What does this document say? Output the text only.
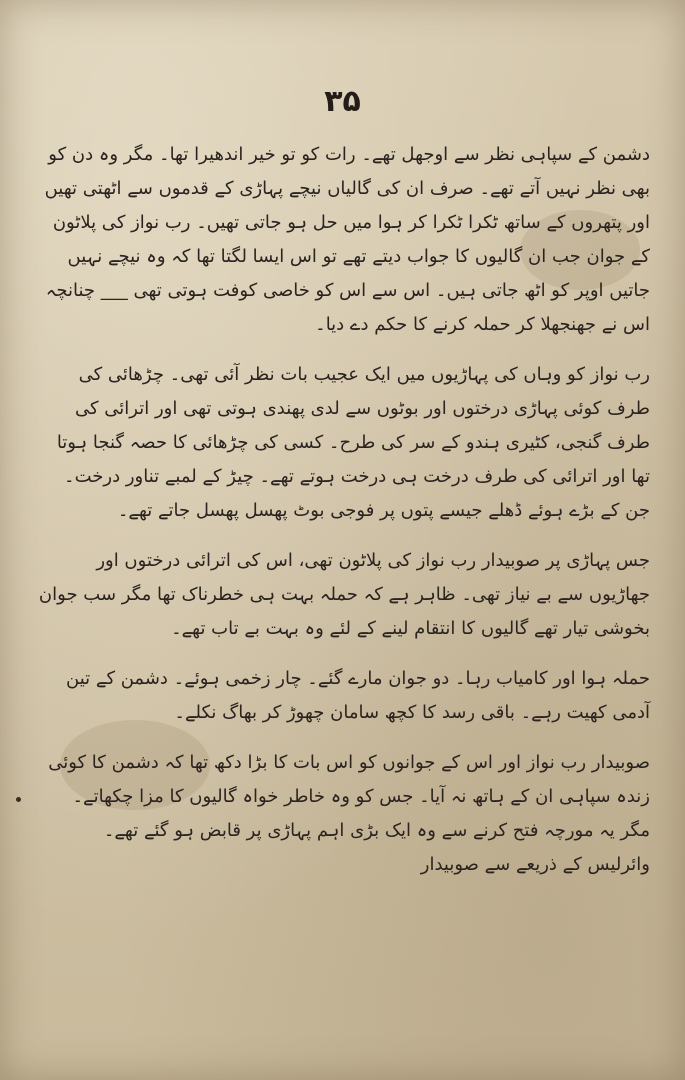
۳۵

دشمن کے سپاہی نظر سے اوجھل تھے۔ رات کو تو خیر اندھیرا تھا۔ مگر وہ دن کو بھی نظر نہیں آتے تھے۔ صرف ان کی گالیاں نیچے پہاڑی کے قدموں سے اٹھتی تھیں اور پتھروں کے ساتھ ٹکرا ٹکرا کر ہوا میں حل ہو جاتی تھیں۔ رب نواز کی پلاٹون کے جوان جب ان گالیوں کا جواب دیتے تھے تو اس ایسا لگتا تھا کہ وہ نیچے نہیں جاتیں اوپر کو اٹھ جاتی ہیں۔ اس سے اس کو خاصی کوفت ہوتی تھی ___ چنانچہ اس نے جھنجھلا کر حملہ کرنے کا حکم دے دیا۔

رب نواز کو وہاں کی پہاڑیوں میں ایک عجیب بات نظر آئی تھی۔ چڑھائی کی طرف کوئی پہاڑی درختوں اور بوٹوں سے لدی پھندی ہوتی تھی اور اترائی کی طرف گنجی، کٹیری ہندو کے سر کی طرح۔ کسی کی چڑھائی کا حصہ گنجا ہوتا تھا اور اترائی کی طرف درخت ہی درخت ہوتے تھے۔ چیڑ کے لمبے تناور درخت۔ جن کے بڑے ہوئے ڈھلے جیسے پتوں پر فوجی بوٹ پھسل پھسل جاتے تھے۔

جس پہاڑی پر صوبیدار رب نواز کی پلاٹون تھی، اس کی اترائی درختوں اور جھاڑیوں سے بے نیاز تھی۔ ظاہر ہے کہ حملہ بہت ہی خطرناک تھا مگر سب جوان بخوشی تیار تھے گالیوں کا انتقام لینے کے لئے وہ بہت بے تاب تھے۔

حملہ ہوا اور کامیاب رہا۔ دو جوان مارے گئے۔ چار زخمی ہوئے۔ دشمن کے تین آدمی کھیت رہے۔ باقی رسد کا کچھ سامان چھوڑ کر بھاگ نکلے۔

صوبیدار رب نواز اور اس کے جوانوں کو اس بات کا بڑا دکھ تھا کہ دشمن کا کوئی زندہ سپاہی ان کے ہاتھ نہ آیا۔ جس کو وہ خاطر خواہ گالیوں کا مزا چکھاتے۔ مگر یہ مورچہ فتح کرنے سے وہ ایک بڑی اہم پہاڑی پر قابض ہو گئے تھے۔ وائرلیس کے ذریعے سے صوبیدار
